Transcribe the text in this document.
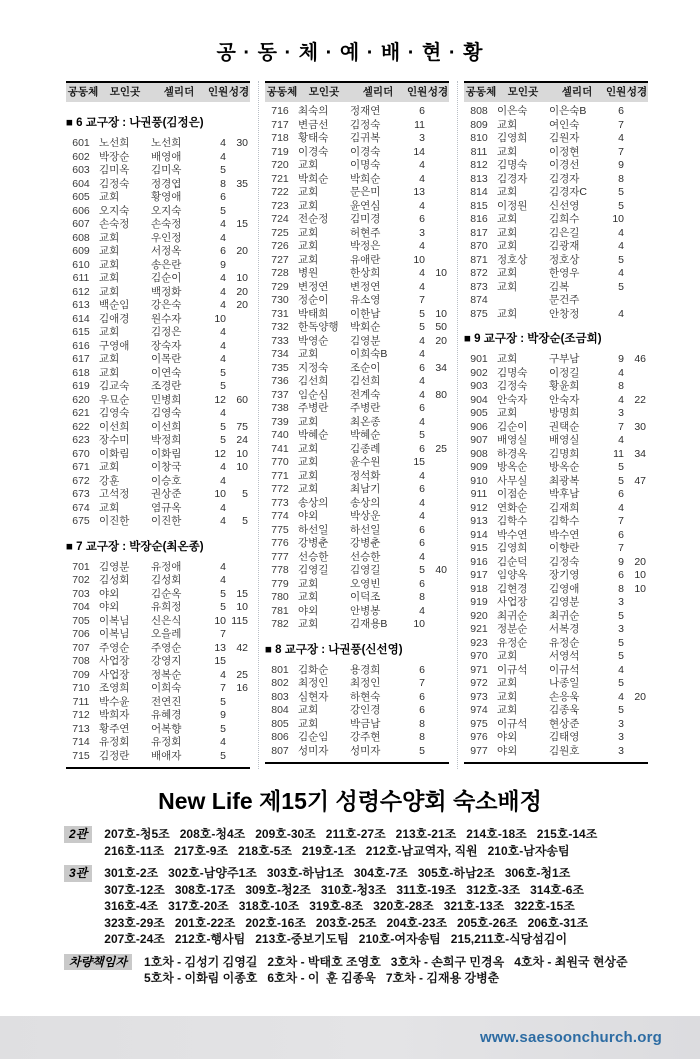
공 · 동 · 체 · 예 · 배 · 현 · 황
공동체	모인곳	셀리더	인원 성경
■ 6 교구장 : 나권풍(김정은)
601 노선희	노선희	4 30
602 박장순	배영애	4
603 김미옥	김미옥	5
604 김정숙	정경엽	8 35
605 교회	황영애	6
606 오지숙	오지숙	5
607 손숙정	손숙정	4 15
608 교회	우인정	4
609 교회	서정옥	6 20
610 교회	송은란	9
611 교회	김순이	4 10
612 교회	백정화	4 20
613 백순임	강은숙	4 20
614 김애경	원수자	10
615 교회	김정은	4
616 구영애	장숙자	4
617 교회	이목란	4
618 교회	이연숙	5
619 김교숙	조경란	5
620 우묘순	민병희	12 60
621 김영숙	김영숙	4
622 이선희	이선희	5 75
623 장수미	박정희	5 24
670 이화림	이화림	12 10
671 교회	이창국	4 10
672 강훈	이승호	4
673 고석정	권상준	10	5
674 교회	염규옥	4
675 이진한	이진한	4	5
■ 7 교구장 : 박장순(최온종)
701 김영분	유정애	4
702 김성회	김성회	4
703 야외	김순옥	5 15
704 야외	유희정	5 10
705 이복님	신은식	10 115
706 이복님	오을레	7
707 주영순	주영순	13 42
708 사업장	강영지	15
709 사업장	정복순	4 25
710 조영희	이희숙	7 16
711 박수윤	전연진	5
712 박희자	유혜경	9
713 황주연	어복향	5
714 유정회	유정회	4
715 김정란	배애자	5
공동체	모인곳	셀리더	인원 성경
716 최숙의	정재연	6
717 변금선	김정숙	11
718 황태숙	김귀복	3
719 이경숙	이경숙	14
720 교회	이명숙	4
721 박희순	박희순	4
722 교회	문은미	13
723 교회	윤연심	4
724 전순정	김미경	6
725 교회	허현주	3
726 교회	박정은	4
727 교회	유애란	10
728 병원	한상희	4 10
729 변정연	변정연	4
730 정순이	유소영	7
731 박태희	이한남	5 10
732 한독양행	박회순	5 50
733 박영순	김영분	4 20
734 교회	이희숙B	4
735 지정숙	조순이	6 34
736 김선희	김선희	4
737 임순심	전계숙	4 80
738 주병란	주병란	6
739 교회	최온종	4
740 박혜순	박혜순	5
741 교회	김종례	6 25
770 교회	윤수원	15
771 교회	정석화	4
772 교회	최남기	6
773 송상의	송상의	4
774 야외	박상운	4
775 하선일	하선일	6
776 강병춘	강병춘	6
777 선승한	선승한	4
778 김영길	김영길	5 40
779 교회	오영빈	6
780 교회	이덕조	8
781 야외	안병봉	4
782 교회	김재용B	10
■ 8 교구장 : 나권풍(신선영)
801 김화순	용경희	6
802 최정인	최정인	7
803 심현자	하현숙	6
804 교회	강인경	6
805 교회	박금남	8
806 김순임	강주현	8
807 성미자	성미자	5
공동체	모인곳	셀리더	인원 성경
808 이은숙	이은숙B	6
809 교회	여인숙	7
810 김영희	김원자	4
811 교회	이정현	7
812 김명숙	이경선	9
813 김경자	김경자	8
814 교회	김경자C	5
815 이정원	신선영	5
816 교회	김희수	10
817 교회	김은길	4
870 교회	김광재	4
871 정호상	정호상	5
872 교회	한영우	4
873 교회	김복	5
874	문건주
875 교회	안창정	4
■ 9 교구장 : 박장순(조금희)
901 교회	구부남	9 46
902 김명숙	이정길	4
903 김정숙	황윤희	8
904 안숙자	안숙자	4 22
905 교회	방명희	3
906 김순이	권택순	7 30
907 배영실	배영실	4
908 하경옥	김명희	11 34
909 방옥순	방옥순	5
910 사무실	최광복	5 47
911 이점순	박후남	6
912 연화순	김재희	4
913 김학수	김학수	7
914 박수연	박수연	6
915 김영희	이향란	7
916 김순덕	김정숙	9 20
917 임양옥	장기영	6 10
918 김현경	김영애	8 10
919 사업장	김영분	3
920 최귀순	최귀순	5
921 정분순	서복경	3
923 유정순	유정순	5
970 교회	서영석	5
971 이규석	이규석	4
972 교회	나종일	5
973 교회	손응욱	4 20
974 교회	김종욱	5
975 이규석	현상준	3
976 야외	김태영	3
977 야외	김원호	3
New Life 제15기 성령수양회 숙소배정
2관	207호-청5조   208호-청4조   209호-30조   211호-27조   213호-21조   214호-18조   215호-14조
216호-11조   217호-9조   218호-5조   219호-1조   212호-남교역자, 직원   210호-남자송팀
3관	301호-2조   302호-남양주1조   303호-하남1조   304호-7조   305호-하남2조   306호-청1조
307호-12조   308호-17조   309호-청2조   310호-청3조   311호-19조   312호-3조   314호-6조
316호-4조   317호-20조   318호-10조   319호-8조   320호-28조   321호-13조   322호-15조
323호-29조   201호-22조   202호-16조   203호-25조   204호-23조   205호-26조   206호-31조
207호-24조   212호-행사팀   213호-중보기도팀   210호-여자송팀   215,211호-식당섬김이
차량책임자	1호차 - 김성기 김영길   2호차 - 박태호 조영호   3호차 - 손희구 민경옥   4호차 - 최원국 현상준
5호차 - 이화림 이종호   6호차 - 이  훈 김종욱   7호차 - 김재용 강병춘
www.saesoonchurch.org
